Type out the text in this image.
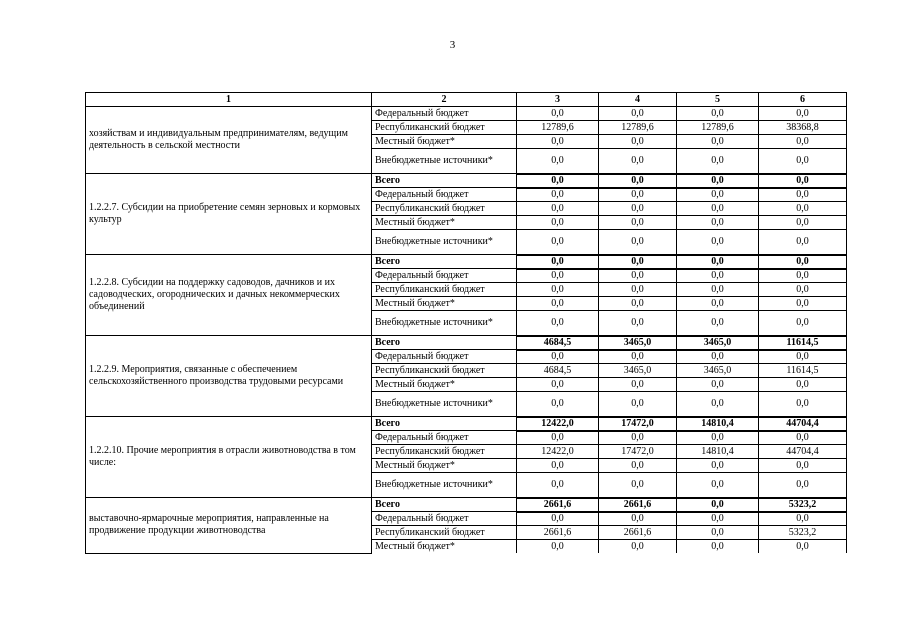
3
1	2	3	4	5	6
хозяйствам и индивидуальным предпринимателям, ведущим деятельность в сельской местности	Федеральный бюджет	0,0	0,0	0,0	0,0
	Республиканский бюджет	12789,6	12789,6	12789,6	38368,8
	Местный бюджет*	0,0	0,0	0,0	0,0
	Внебюджетные источники*	0,0	0,0	0,0	0,0
1.2.2.7. Субсидии на приобретение семян зерновых и кормовых культур	Всего	0,0	0,0	0,0	0,0
	Федеральный бюджет	0,0	0,0	0,0	0,0
	Республиканский бюджет	0,0	0,0	0,0	0,0
	Местный бюджет*	0,0	0,0	0,0	0,0
	Внебюджетные источники*	0,0	0,0	0,0	0,0
1.2.2.8. Субсидии на поддержку садоводов, дачников и их садоводческих, огороднических и дачных некоммерческих объединений	Всего	0,0	0,0	0,0	0,0
	Федеральный бюджет	0,0	0,0	0,0	0,0
	Республиканский бюджет	0,0	0,0	0,0	0,0
	Местный бюджет*	0,0	0,0	0,0	0,0
	Внебюджетные источники*	0,0	0,0	0,0	0,0
1.2.2.9. Мероприятия, связанные с обеспечением сельскохозяйственного производства трудовыми ресурсами	Всего	4684,5	3465,0	3465,0	11614,5
	Федеральный бюджет	0,0	0,0	0,0	0,0
	Республиканский бюджет	4684,5	3465,0	3465,0	11614,5
	Местный бюджет*	0,0	0,0	0,0	0,0
	Внебюджетные источники*	0,0	0,0	0,0	0,0
1.2.2.10. Прочие мероприятия в отрасли животноводства в том числе:	Всего	12422,0	17472,0	14810,4	44704,4
	Федеральный бюджет	0,0	0,0	0,0	0,0
	Республиканский бюджет	12422,0	17472,0	14810,4	44704,4
	Местный бюджет*	0,0	0,0	0,0	0,0
	Внебюджетные источники*	0,0	0,0	0,0	0,0
выставочно-ярмарочные мероприятия, направленные на продвижение продукции животноводства	Всего	2661,6	2661,6	0,0	5323,2
	Федеральный бюджет	0,0	0,0	0,0	0,0
	Республиканский бюджет	2661,6	2661,6	0,0	5323,2
	Местный бюджет*	0,0	0,0	0,0	0,0
